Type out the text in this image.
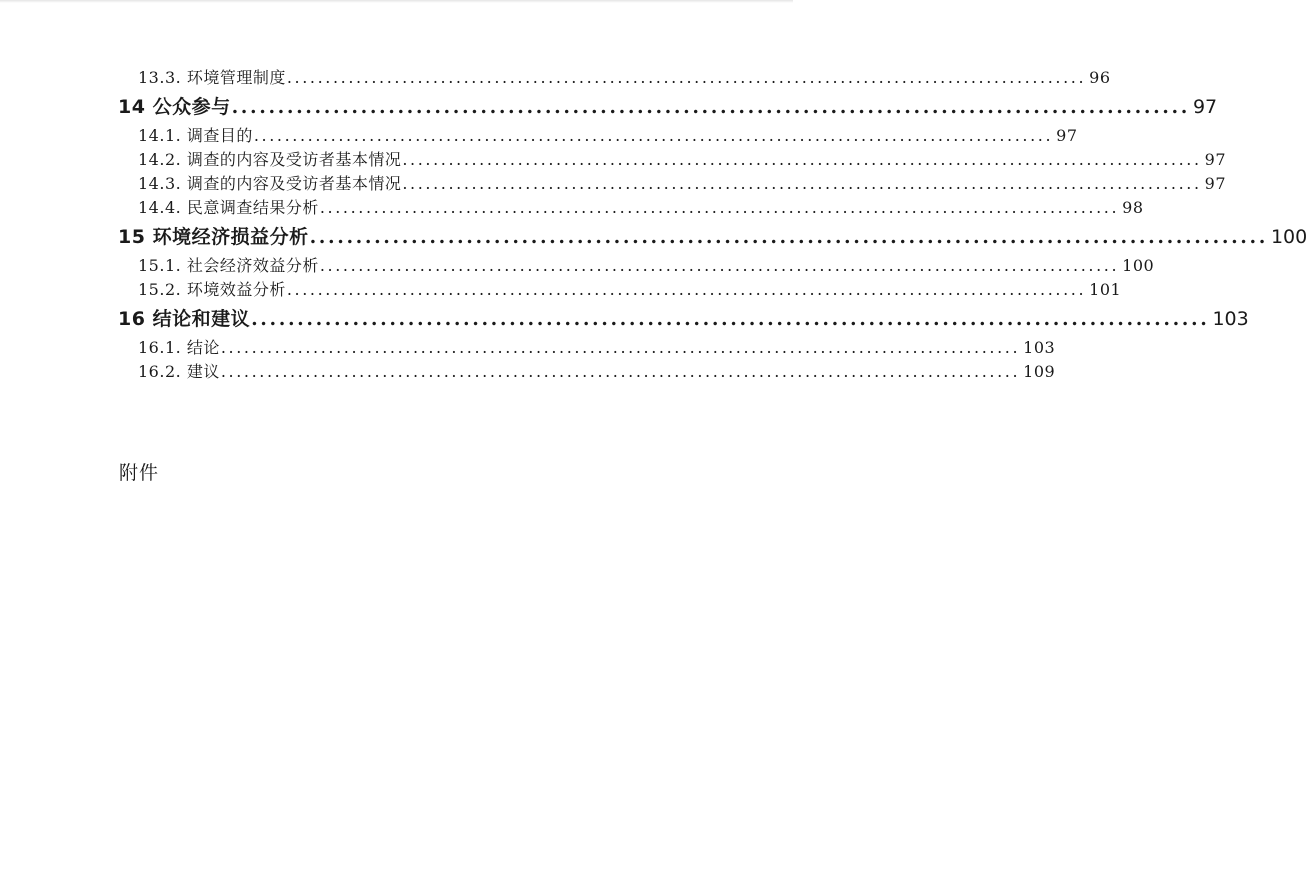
13.3. 环境管理制度 ........................................................................................................ 96
14 公众参与 ........................................................................................................ 97
14.1. 调查目的 ........................................................................................................ 97
14.2. 调查的内容及受访者基本情况 ........................................................................................................ 97
14.3. 调查的内容及受访者基本情况 ........................................................................................................ 97
14.4. 民意调查结果分析 ........................................................................................................ 98
15 环境经济损益分析 ........................................................................................................ 100
15.1. 社会经济效益分析 ........................................................................................................ 100
15.2. 环境效益分析 ........................................................................................................ 101
16 结论和建议 ........................................................................................................ 103
16.1. 结论 ........................................................................................................ 103
16.2. 建议 ........................................................................................................ 109
附件
